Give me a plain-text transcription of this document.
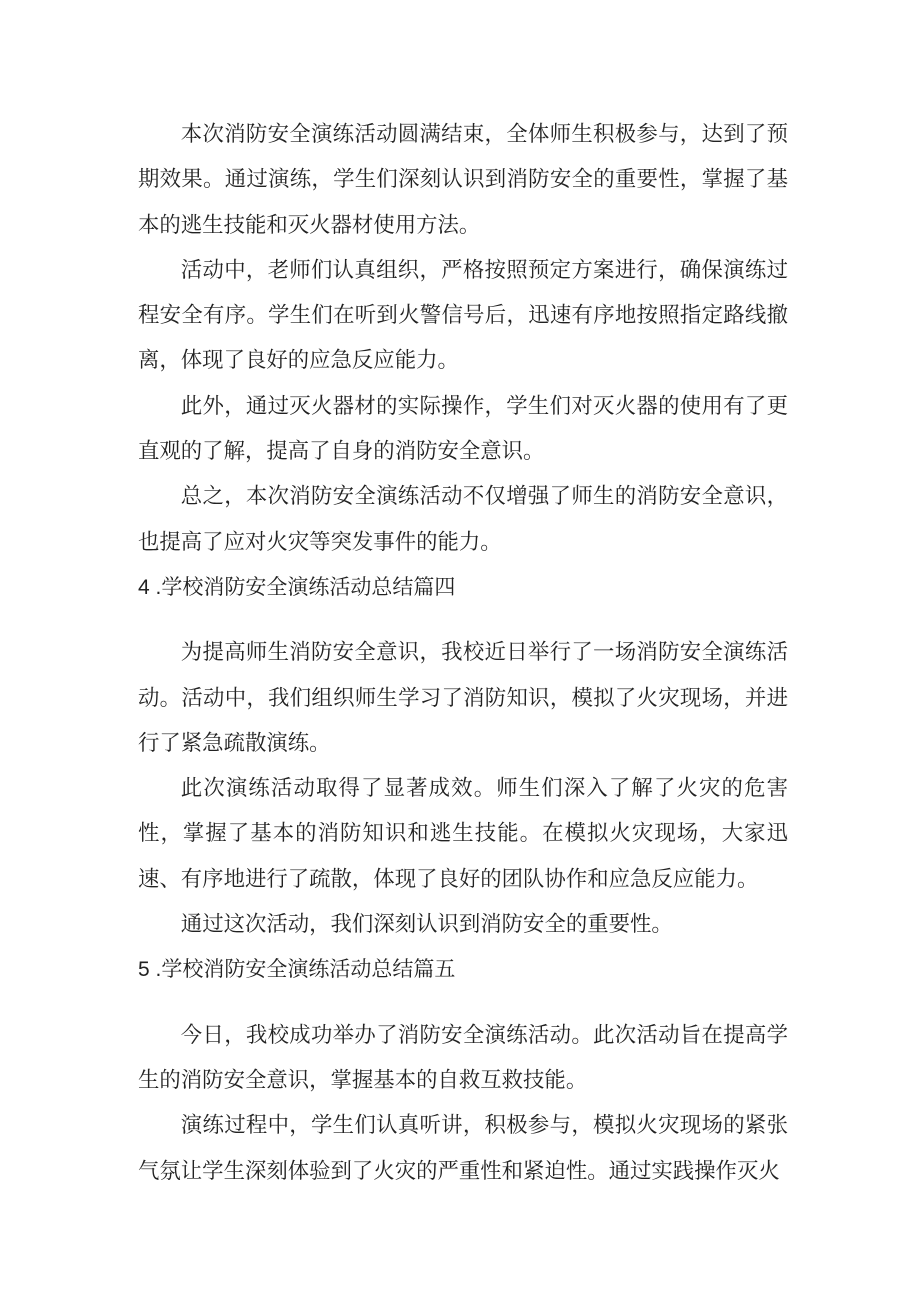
本次消防安全演练活动圆满结束，全体师生积极参与，达到了预期效果。通过演练，学生们深刻认识到消防安全的重要性，掌握了基本的逃生技能和灭火器材使用方法。

活动中，老师们认真组织，严格按照预定方案进行，确保演练过程安全有序。学生们在听到火警信号后，迅速有序地按照指定路线撤离，体现了良好的应急反应能力。

此外，通过灭火器材的实际操作，学生们对灭火器的使用有了更直观的了解，提高了自身的消防安全意识。

总之，本次消防安全演练活动不仅增强了师生的消防安全意识，也提高了应对火灾等突发事件的能力。

4 .学校消防安全演练活动总结篇四

为提高师生消防安全意识，我校近日举行了一场消防安全演练活动。活动中，我们组织师生学习了消防知识，模拟了火灾现场，并进行了紧急疏散演练。

此次演练活动取得了显著成效。师生们深入了解了火灾的危害性，掌握了基本的消防知识和逃生技能。在模拟火灾现场，大家迅速、有序地进行了疏散，体现了良好的团队协作和应急反应能力。

通过这次活动，我们深刻认识到消防安全的重要性。

5 .学校消防安全演练活动总结篇五

今日，我校成功举办了消防安全演练活动。此次活动旨在提高学生的消防安全意识，掌握基本的自救互救技能。

演练过程中，学生们认真听讲，积极参与，模拟火灾现场的紧张气氛让学生深刻体验到了火灾的严重性和紧迫性。通过实践操作灭火
